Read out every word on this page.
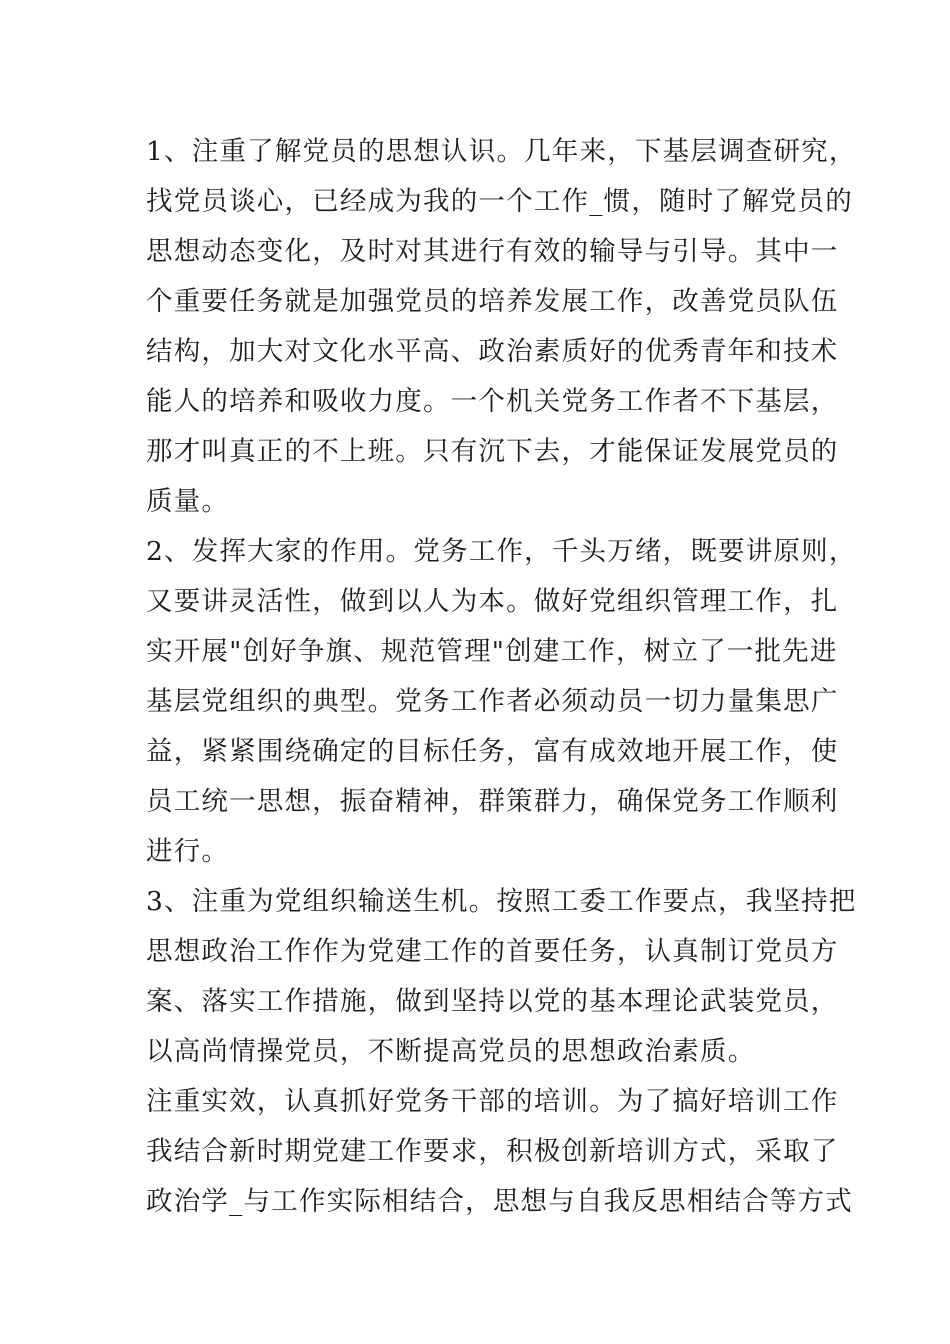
1、注重了解党员的思想认识。几年来，下基层调查研究，
找党员谈心，已经成为我的一个工作_惯，随时了解党员的
思想动态变化，及时对其进行有效的输导与引导。其中一
个重要任务就是加强党员的培养发展工作，改善党员队伍
结构，加大对文化水平高、政治素质好的优秀青年和技术
能人的培养和吸收力度。一个机关党务工作者不下基层，
那才叫真正的不上班。只有沉下去，才能保证发展党员的
质量。
2、发挥大家的作用。党务工作，千头万绪，既要讲原则，
又要讲灵活性，做到以人为本。做好党组织管理工作，扎
实开展"创好争旗、规范管理"创建工作，树立了一批先进
基层党组织的典型。党务工作者必须动员一切力量集思广
益，紧紧围绕确定的目标任务，富有成效地开展工作，使
员工统一思想，振奋精神，群策群力，确保党务工作顺利
进行。
3、注重为党组织输送生机。按照工委工作要点，我坚持把
思想政治工作作为党建工作的首要任务，认真制订党员方
案、落实工作措施，做到坚持以党的基本理论武装党员，
以高尚情操党员，不断提高党员的思想政治素质。
注重实效，认真抓好党务干部的培训。为了搞好培训工作
我结合新时期党建工作要求，积极创新培训方式，采取了
政治学_与工作实际相结合，思想与自我反思相结合等方式
